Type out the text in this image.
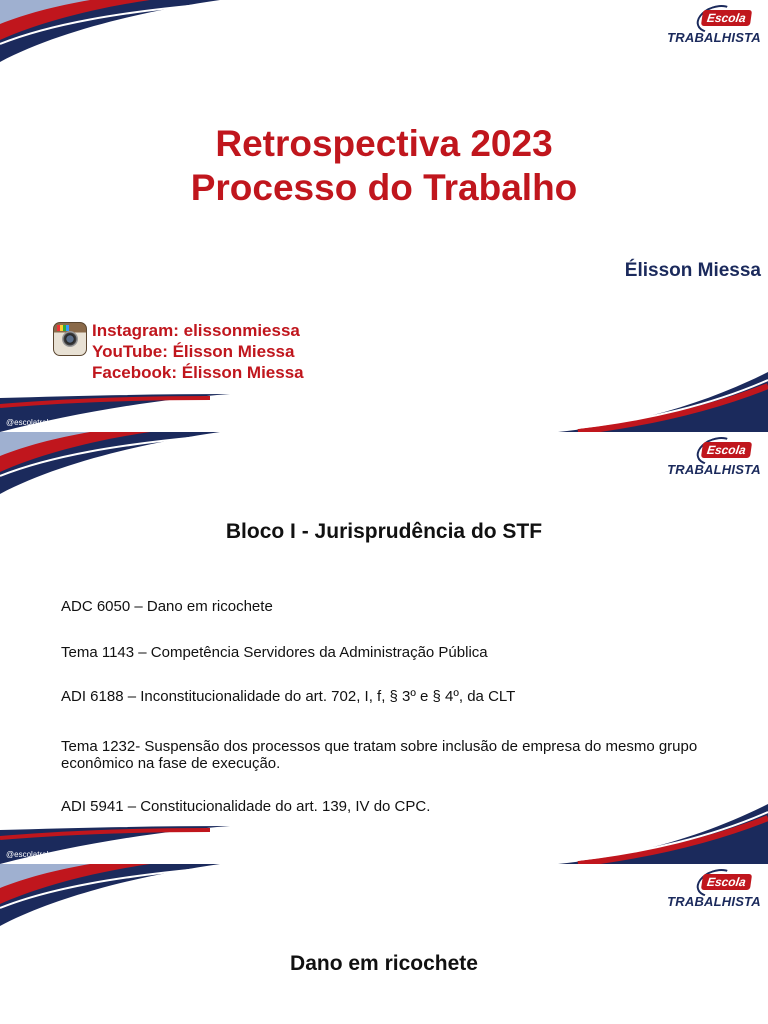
Escola
TRABALHISTA
Retrospectiva 2023
Processo do Trabalho
Élisson Miessa
Instagram: elissonmiessa
YouTube: Élisson Miessa
Facebook: Élisson Miessa
@escolatrabalhista
Escola
TRABALHISTA
Bloco I - Jurisprudência do STF
ADC 6050 – Dano em ricochete
Tema 1143 – Competência Servidores da Administração Pública
ADI 6188 – Inconstitucionalidade do art. 702, I, f, § 3º e § 4º, da CLT
Tema 1232- Suspensão dos processos que tratam sobre inclusão de empresa do mesmo grupo econômico na fase de execução.
ADI 5941 – Constitucionalidade do art. 139, IV do CPC.
@escolatrabalhista
Escola
TRABALHISTA
Dano em ricochete
